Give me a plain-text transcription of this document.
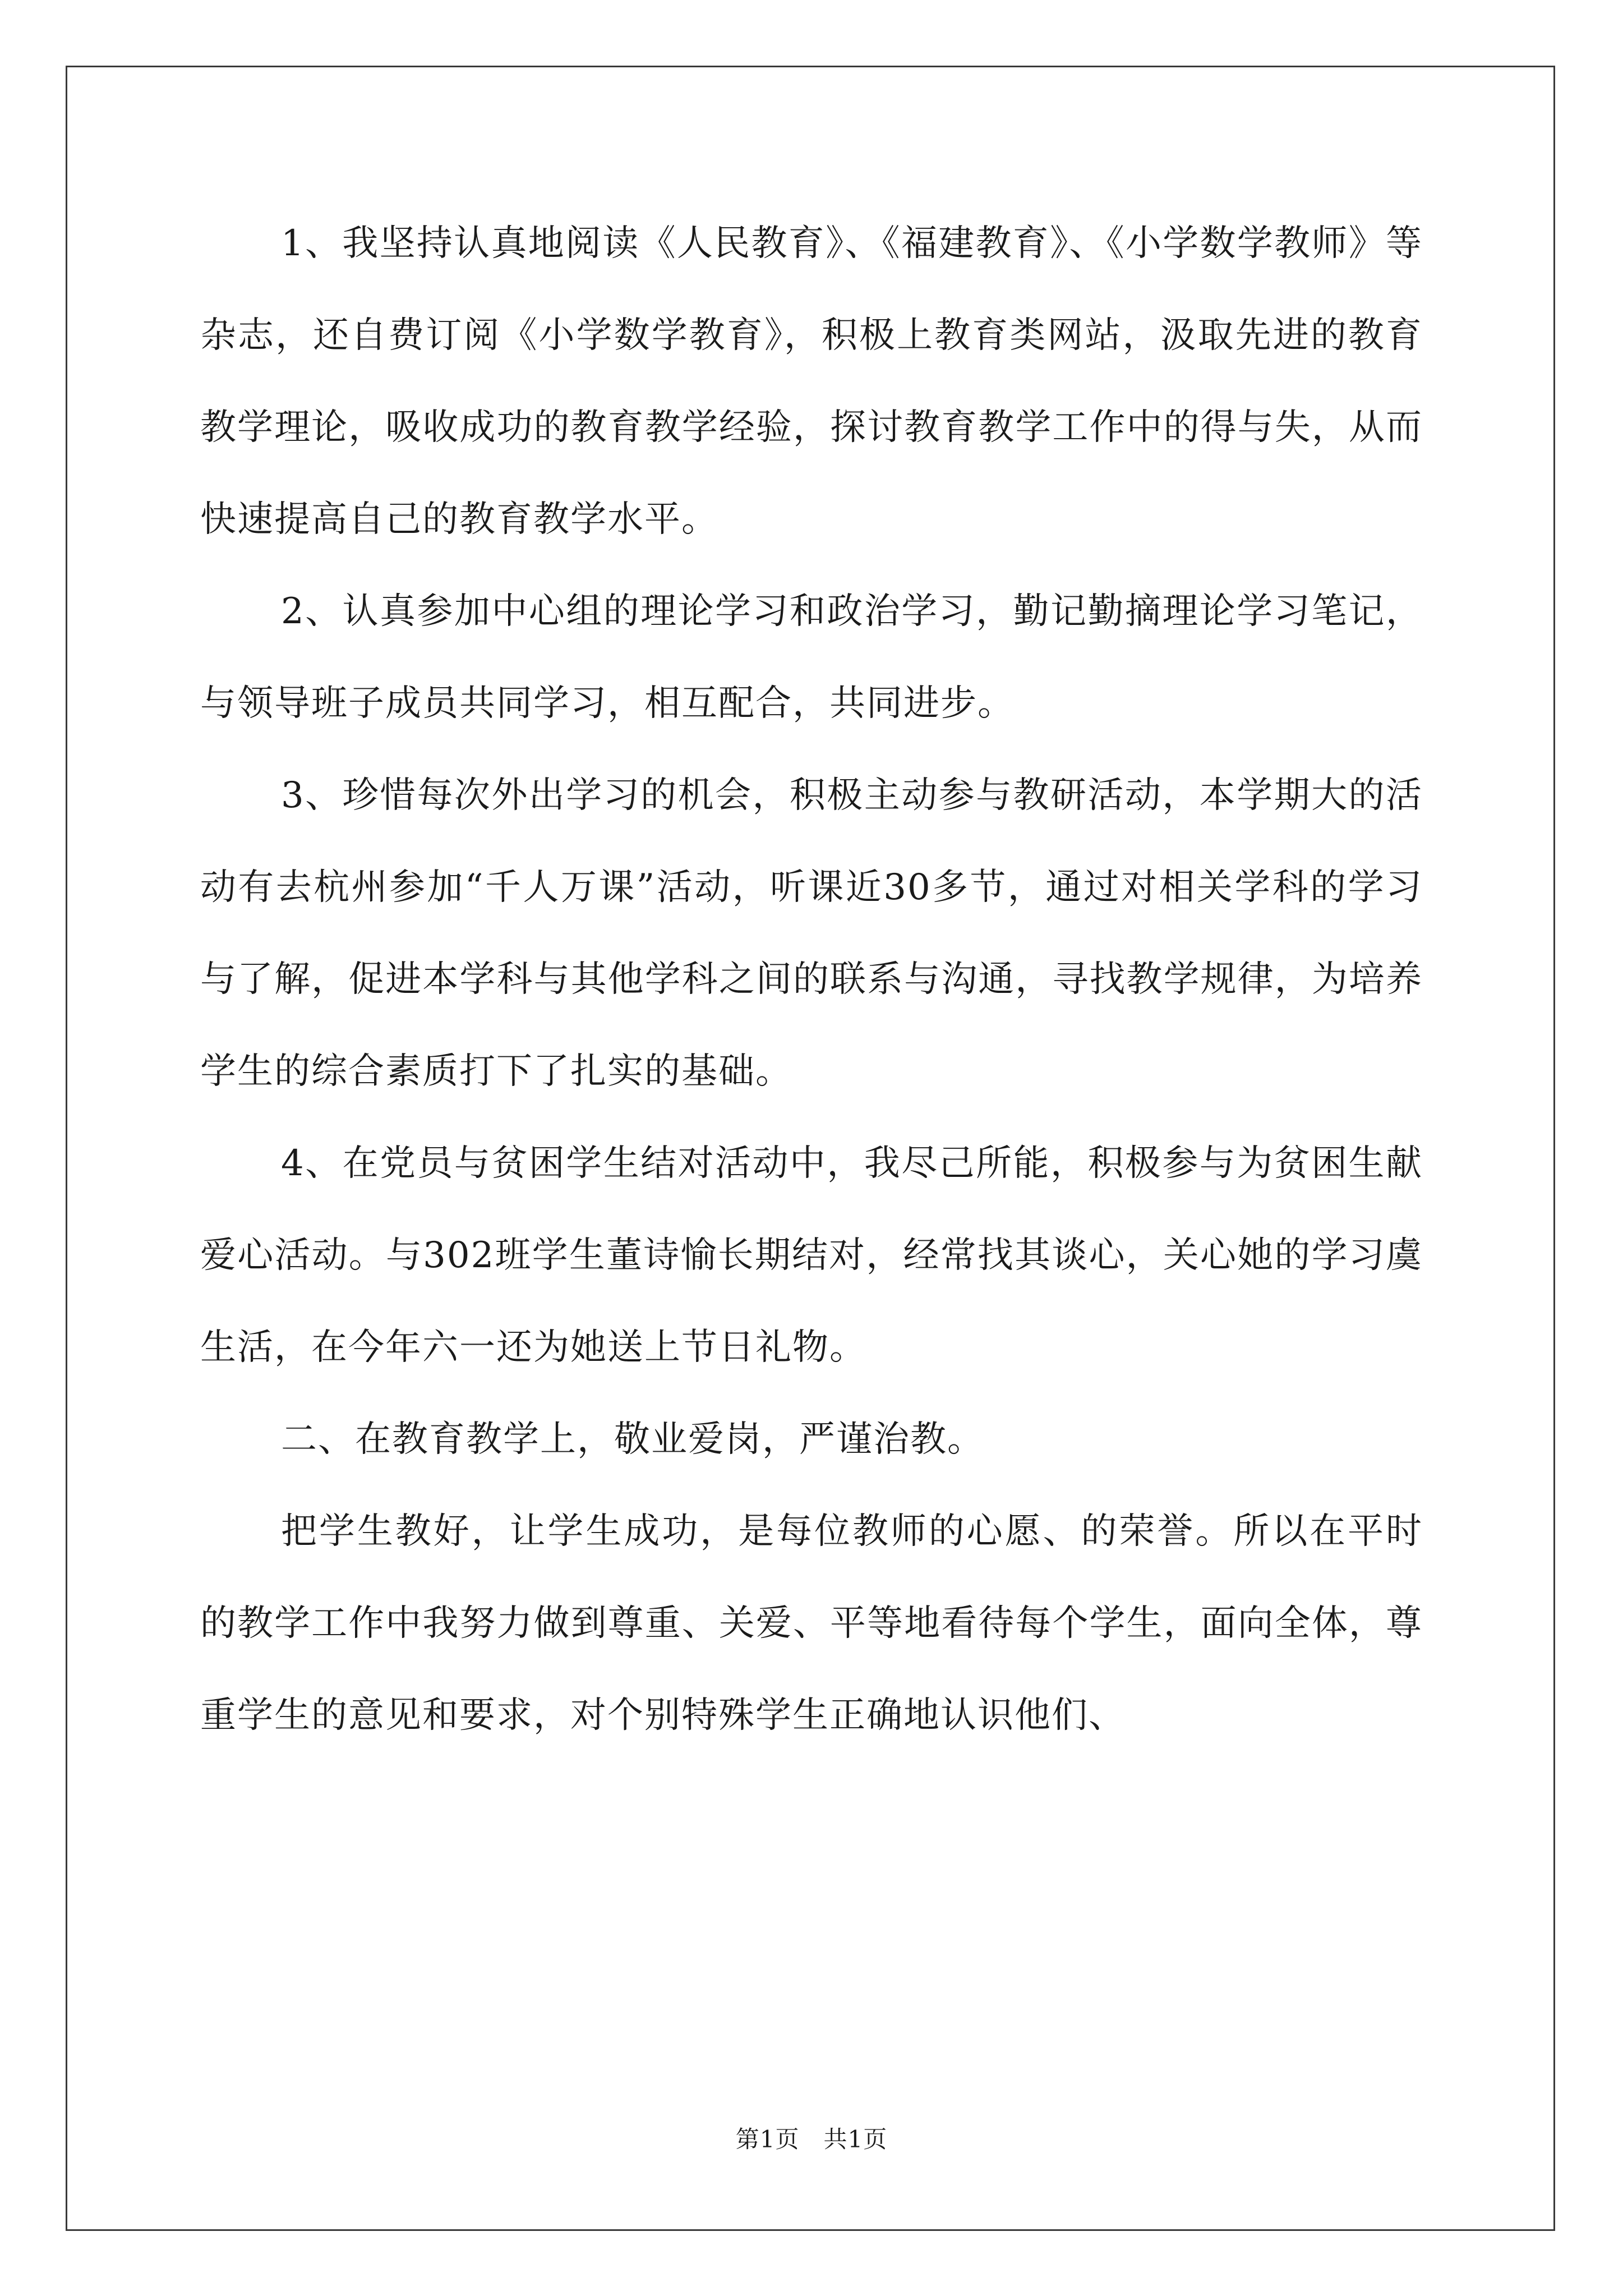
1、我坚持认真地阅读《人民教育》、《福建教育》、《小学数学教师》等杂志，还自费订阅《小学数学教育》，积极上教育类网站，汲取先进的教育教学理论，吸收成功的教育教学经验，探讨教育教学工作中的得与失，从而快速提高自己的教育教学水平。

2、认真参加中心组的理论学习和政治学习，勤记勤摘理论学习笔记，与领导班子成员共同学习，相互配合，共同进步。

3、珍惜每次外出学习的机会，积极主动参与教研活动，本学期大的活动有去杭州参加“千人万课”活动，听课近30多节，通过对相关学科的学习与了解，促进本学科与其他学科之间的联系与沟通，寻找教学规律，为培养学生的综合素质打下了扎实的基础。

4、在党员与贫困学生结对活动中，我尽己所能，积极参与为贫困生献爱心活动。与302班学生董诗愉长期结对，经常找其谈心，关心她的学习虞生活，在今年六一还为她送上节日礼物。

二、在教育教学上，敬业爱岗，严谨治教。

把学生教好，让学生成功，是每位教师的心愿、的荣誉。所以在平时的教学工作中我努力做到尊重、关爱、平等地看待每个学生，面向全体，尊重学生的意见和要求，对个别特殊学生正确地认识他们、

第1页　共1页
